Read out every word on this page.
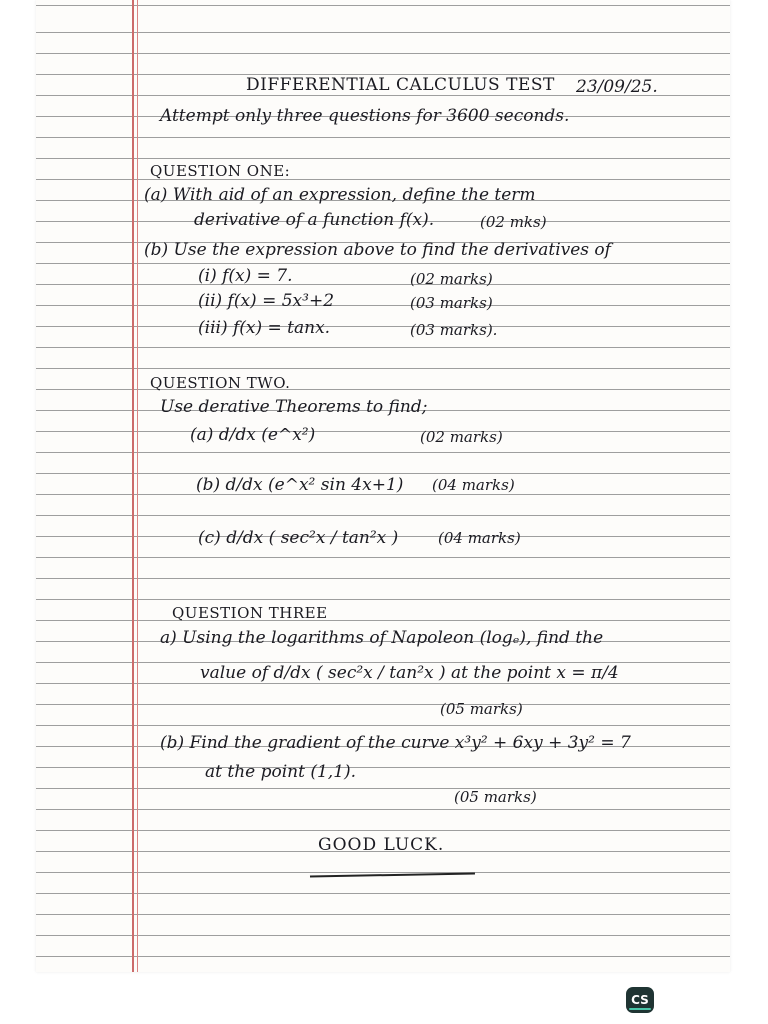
DIFFERENTIAL CALCULUS TEST 23/09/25.
Attempt only three questions for 3600 seconds.
QUESTION ONE:
(a) With aid of an expression, define the term
derivative of a function f(x).	(02 mks)
(b) Use the expression above to find the derivatives of
(i) f(x) = 7.	(02 marks)
(ii) f(x) = 5x³+2	(03 marks)
(iii) f(x) = tanx.	(03 marks).
QUESTION TWO.
Use derative Theorems to find;
(a) d/dx (e^x²)	(02 marks)
(b) d/dx (e^x² sin 4x+1) (04 marks)
(c) d/dx ( sec²x / tan²x )	(04 marks)
QUESTION THREE
a) Using the logarithms of Napoleon (logₑ), find the
value of d/dx ( sec²x / tan²x ) at the point x = π/4
(05 marks)
(b) Find the gradient of the curve x³y² + 6xy + 3y² = 7
at the point (1,1).
(05 marks)
GOOD LUCK.
CS
